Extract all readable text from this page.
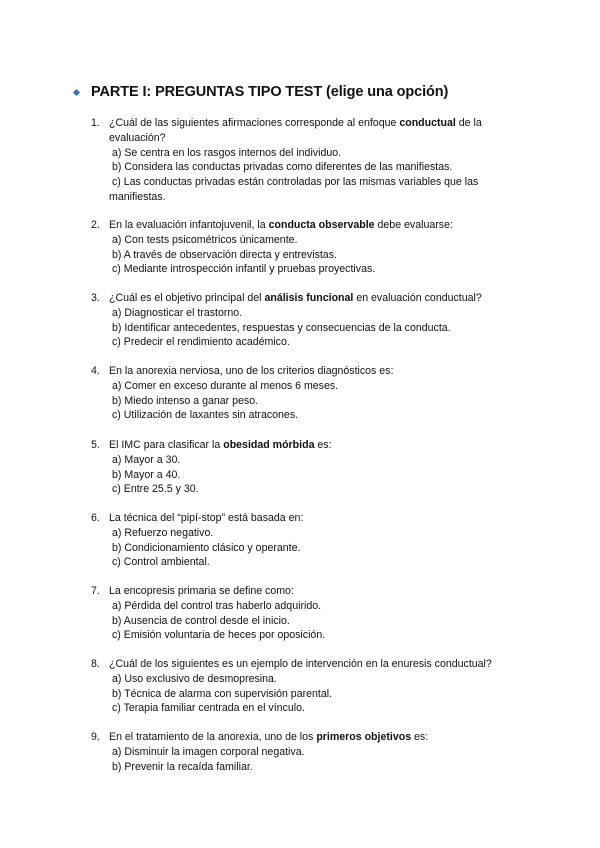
PARTE I: PREGUNTAS TIPO TEST (elige una opción)
1. ¿Cuál de las siguientes afirmaciones corresponde al enfoque conductual de la
evaluación?
a) Se centra en los rasgos internos del individuo.
b) Considera las conductas privadas como diferentes de las manifiestas.
c) Las conductas privadas están controladas por las mismas variables que las
manifiestas.
2. En la evaluación infantojuvenil, la conducta observable debe evaluarse:
a) Con tests psicométricos únicamente.
b) A través de observación directa y entrevistas.
c) Mediante introspección infantil y pruebas proyectivas.
3. ¿Cuál es el objetivo principal del análisis funcional en evaluación conductual?
a) Diagnosticar el trastorno.
b) Identificar antecedentes, respuestas y consecuencias de la conducta.
c) Predecir el rendimiento académico.
4. En la anorexia nerviosa, uno de los criterios diagnósticos es:
a) Comer en exceso durante al menos 6 meses.
b) Miedo intenso a ganar peso.
c) Utilización de laxantes sin atracones.
5. El IMC para clasificar la obesidad mórbida es:
a) Mayor a 30.
b) Mayor a 40.
c) Entre 25.5 y 30.
6. La técnica del “pipí-stop” está basada en:
a) Refuerzo negativo.
b) Condicionamiento clásico y operante.
c) Control ambiental.
7. La encopresis primaria se define como:
a) Pérdida del control tras haberlo adquirido.
b) Ausencia de control desde el inicio.
c) Emisión voluntaria de heces por oposición.
8. ¿Cuál de los siguientes es un ejemplo de intervención en la enuresis conductual?
a) Uso exclusivo de desmopresina.
b) Técnica de alarma con supervisión parental.
c) Terapia familiar centrada en el vínculo.
9. En el tratamiento de la anorexia, uno de los primeros objetivos es:
a) Disminuir la imagen corporal negativa.
b) Prevenir la recaída familiar.
